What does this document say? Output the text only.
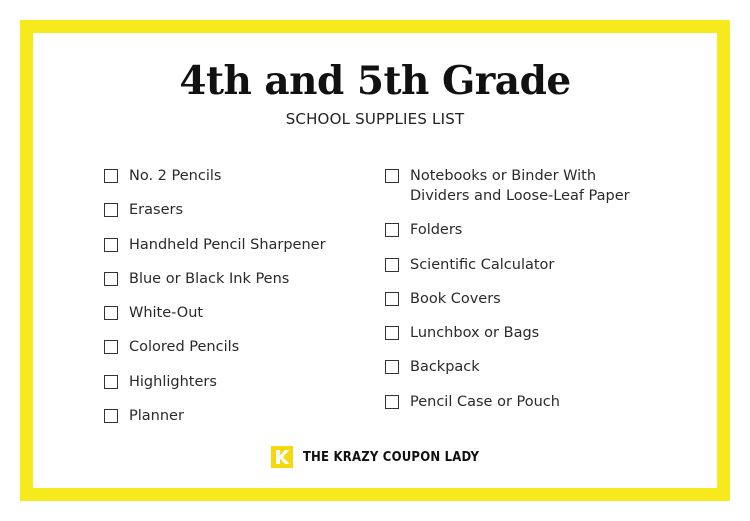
4th and 5th Grade
SCHOOL SUPPLIES LIST
No. 2 Pencils
Erasers
Handheld Pencil Sharpener
Blue or Black Ink Pens
White-Out
Colored Pencils
Highlighters
Planner
Notebooks or Binder With
Dividers and Loose-Leaf Paper
Folders
Scientific Calculator
Book Covers
Lunchbox or Bags
Backpack
Pencil Case or Pouch
THE KRAZY COUPON LADY
